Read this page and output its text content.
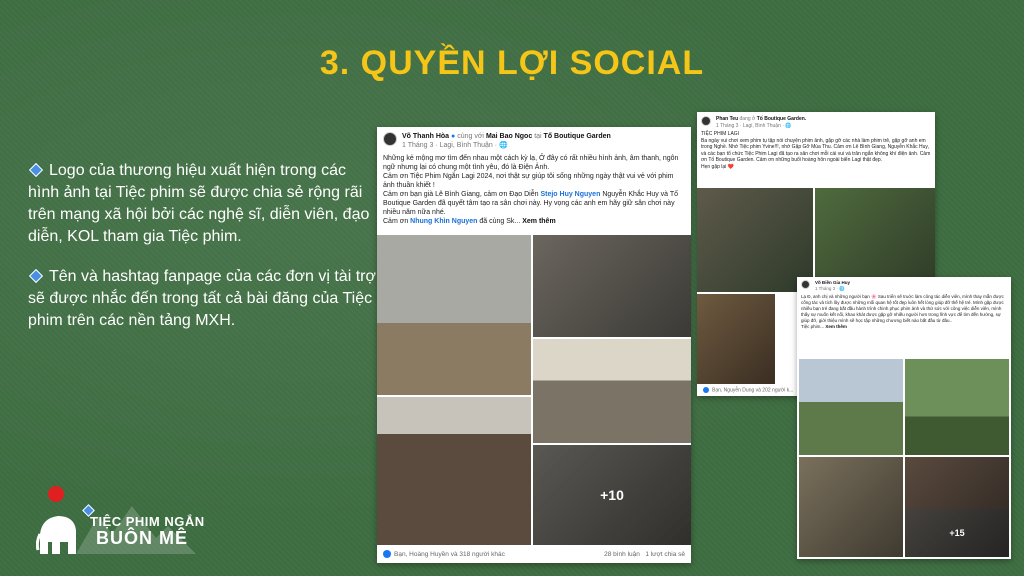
3. QUYỀN LỢI SOCIAL
Logo của thương hiệu xuất hiện trong các hình ảnh tại Tiệc phim sẽ được chia sẻ rộng rãi trên mạng xã hội bởi các nghệ sĩ, diễn viên, đạo diễn, KOL tham gia Tiệc phim.
Tên và hashtag fanpage của các đơn vị tài trợ sẽ được nhắc đến trong tất cả bài đăng của Tiệc phim trên các nền tảng MXH.
TIỆC PHIM NGẮN
BUÔN MÊ
Võ Thanh Hòa ● cùng với Mai Bao Ngoc tại Tố Boutique Garden
1 Tháng 3 · Lagi, Bình Thuận · 🌐
Những kẻ mộng mơ tìm đến nhau một cách kỳ lạ, Ở đây có rất nhiều hình ảnh, âm thanh, ngôn ngữ nhưng lại có chung một tình yêu, đó là Điện Ảnh.
Cảm ơn Tiệc Phim Ngắn Lagi 2024, nơi thật sự giúp tôi sống những ngày thật vui vẻ với phim ảnh thuần khiết !
Cảm ơn bạn già Lê Bình Giang, cảm ơn Đạo Diễn Stejo Huy Nguyen Nguyễn Khắc Huy và Tố Boutique Garden đã quyết tâm tạo ra sân chơi này. Hy vọng các anh em hãy giữ sân chơi này nhiều năm nữa nhé.
Cảm ơn Nhung Khìn Nguyen đã cùng Sk... Xem thêm
+10
Bạn, Hoàng Huyền và 318 người khác	28 bình luận 1 lượt chia sẻ
Phan Teu đang ở Tố Boutique Garden.
1 Tháng 3 · Lagi, Bình Thuận · 🌐
TIỆC PHIM LAGI
Ba ngày vui chơi xem phim tụ tập nói chuyện phim ảnh, gặp gỡ các nhà làm phim trẻ, gặp gỡ anh em trong Nghề. Nhớ Tiệc phim Yvine!!!, nhớ Gặp Gỡ Mùa Thu. Cảm ơn Lê Bình Giang, Nguyễn Khắc Huy, và các bạn tổ chức Tiệc Phim Lagi đã tạo ra sân chơi mỗi cái vui và trân ngắn không khí điện ảnh. Cảm ơn Tố Boutique Garden. Cảm ơn những buổi hoàng hôn ngoài biển Lagi thật đẹp.
Hẹn gặp lại ❤️
Bạn, Nguyễn Dung và 202 người k...
Võ Điền Gia Huy
1 Tháng 3 · 🌐
Lạ Đ, anh chị và những người bạn 🌸 Sau triển sẽ truớc làm công tác diễn viên, mình thay mẫn được cống tác và tích lũy được những mối quan hệ tốt đẹp luôn hết lòng giúp đỡ thế hệ trẻ. Mình gặp được nhiều bạn trẻ đang bắt đầu hành trình chinh phục phim ảnh và thử sức với công việc diễn viên, mình thấy sự muốn kết nối, khao khát được gặp gỡ nhiều người hơn trong lĩnh vực để tìm đến hướng, sự giúp đỡ, giới thiệu mình sẽ học tập những chương biết nào bắt đầu từ đâu..
Tiệc phim... Xem thêm
+15
